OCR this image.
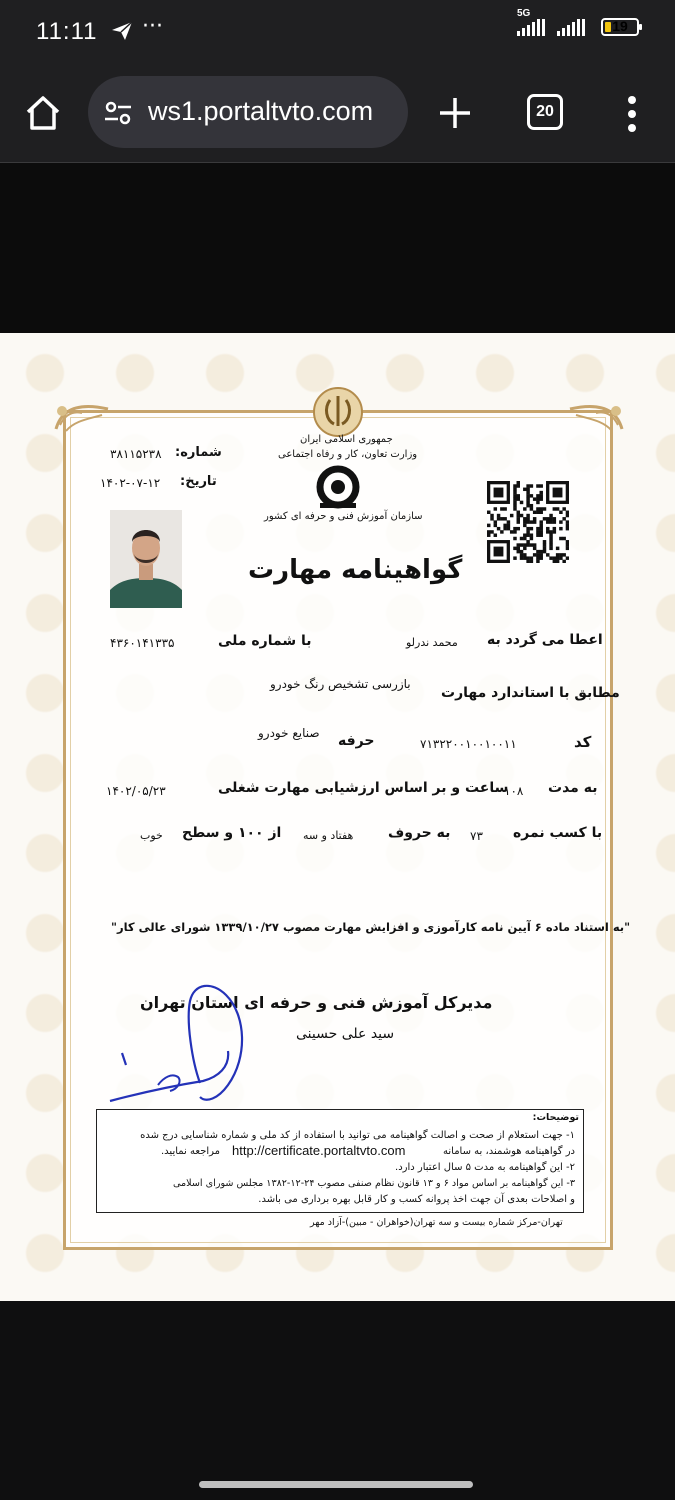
11:11 ···
5G
19
ws1.portaltvto.com	20
جمهوری اسلامی ایران
وزارت تعاون، کار و رفاه اجتماعی
سازمان آموزش فنی و حرفه ای کشور
شماره:
۳۸۱۱۵۲۳۸
تاریخ:
۱۴۰۲-۰۷-۱۲
گواهینامه مهارت
اعطا می گردد به
محمد ندرلو
با شماره ملی
۴۳۶۰۱۴۱۳۳۵
مطابق با استاندارد مهارت
بازرسی تشخیص رنگ خودرو
کد
۷۱۳۲۲۰۰۱۰۰۱۰۰۱۱
حرفه
صنایع خودرو
به مدت
۱۰۸
ساعت و بر اساس ارزشیابی مهارت شغلی
۱۴۰۲/۰۵/۲۳
با کسب نمره
۷۳
به حروف
هفتاد و سه
از ۱۰۰ و سطح
خوب
"به استناد ماده ۶ آیین نامه کارآموزی و افزایش مهارت مصوب ۱۳۳۹/۱۰/۲۷ شورای عالی کار"
مدیرکل آموزش فنی و حرفه ای استان تهران
سید علی حسینی
توضیحات:
۱- جهت استعلام از صحت و اصالت گواهینامه می توانید با استفاده از کد ملی و شماره شناسایی درج شده
در گواهینامه هوشمند، به سامانه
http://certificate.portaltvto.com
مراجعه نمایید.
۲- این گواهینامه به مدت ۵ سال اعتبار دارد.
۳- این گواهینامه بر اساس مواد ۶ و ۱۳ قانون نظام صنفی مصوب ۲۴-۱۲-۱۳۸۲ مجلس شورای اسلامی
و اصلاحات بعدی آن جهت اخذ پروانه کسب و کار قابل بهره برداری می باشد.
تهران-مرکز شماره بیست و سه تهران(خواهران - مبین)-آزاد مهر
